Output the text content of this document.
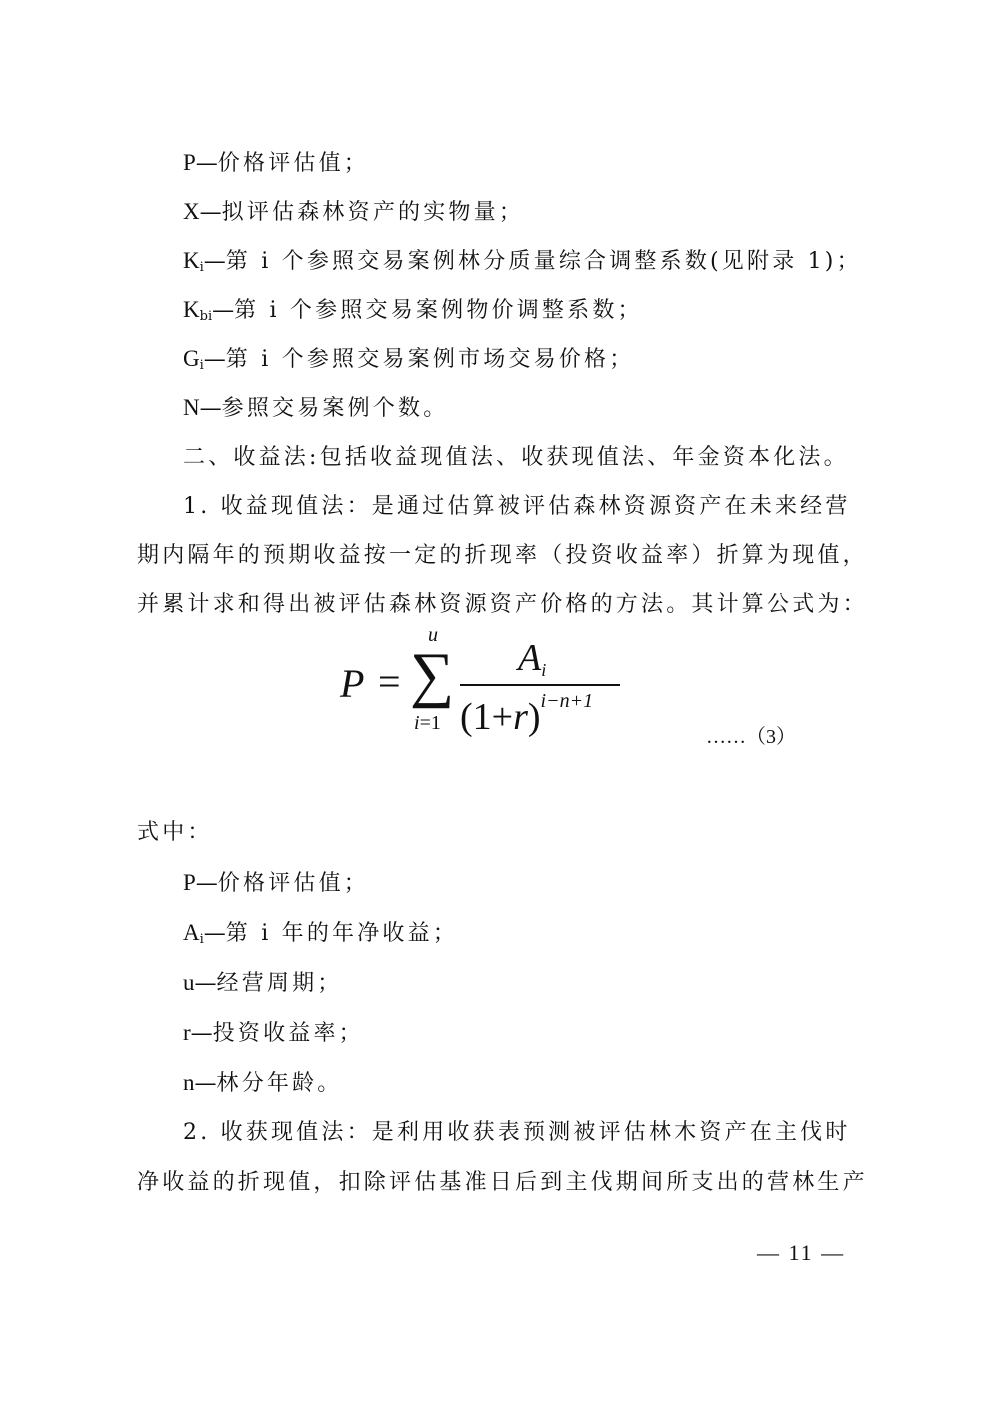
P—价格评估值；
X—拟评估森林资产的实物量；
$K_i—$第 i 个参照交易案例林分质量综合调整系数(见附录 1)；
$K_{bi}—$第 i 个参照交易案例物价调整系数；
$G_i—$第 i 个参照交易案例市场交易价格；
N—参照交易案例个数。
二、收益法:包括收益现值法、收获现值法、年金资本化法。
1. 收益现值法：是通过估算被评估森林资源资产在未来经营
期内隔年的预期收益按一定的折现率（投资收益率）折算为现值，
并累计求和得出被评估森林资源资产价格的方法。其计算公式为：
P = ∑
u
i=1
$A_i$
$(1+r)^{i-n+1}$
……（3）
式中：
P—价格评估值；
$A_i—$第 i 年的年净收益；
u—经营周期；
r—投资收益率；
n—林分年龄。
2. 收获现值法：是利用收获表预测被评估林木资产在主伐时
净收益的折现值，扣除评估基准日后到主伐期间所支出的营林生产
— 11 —
